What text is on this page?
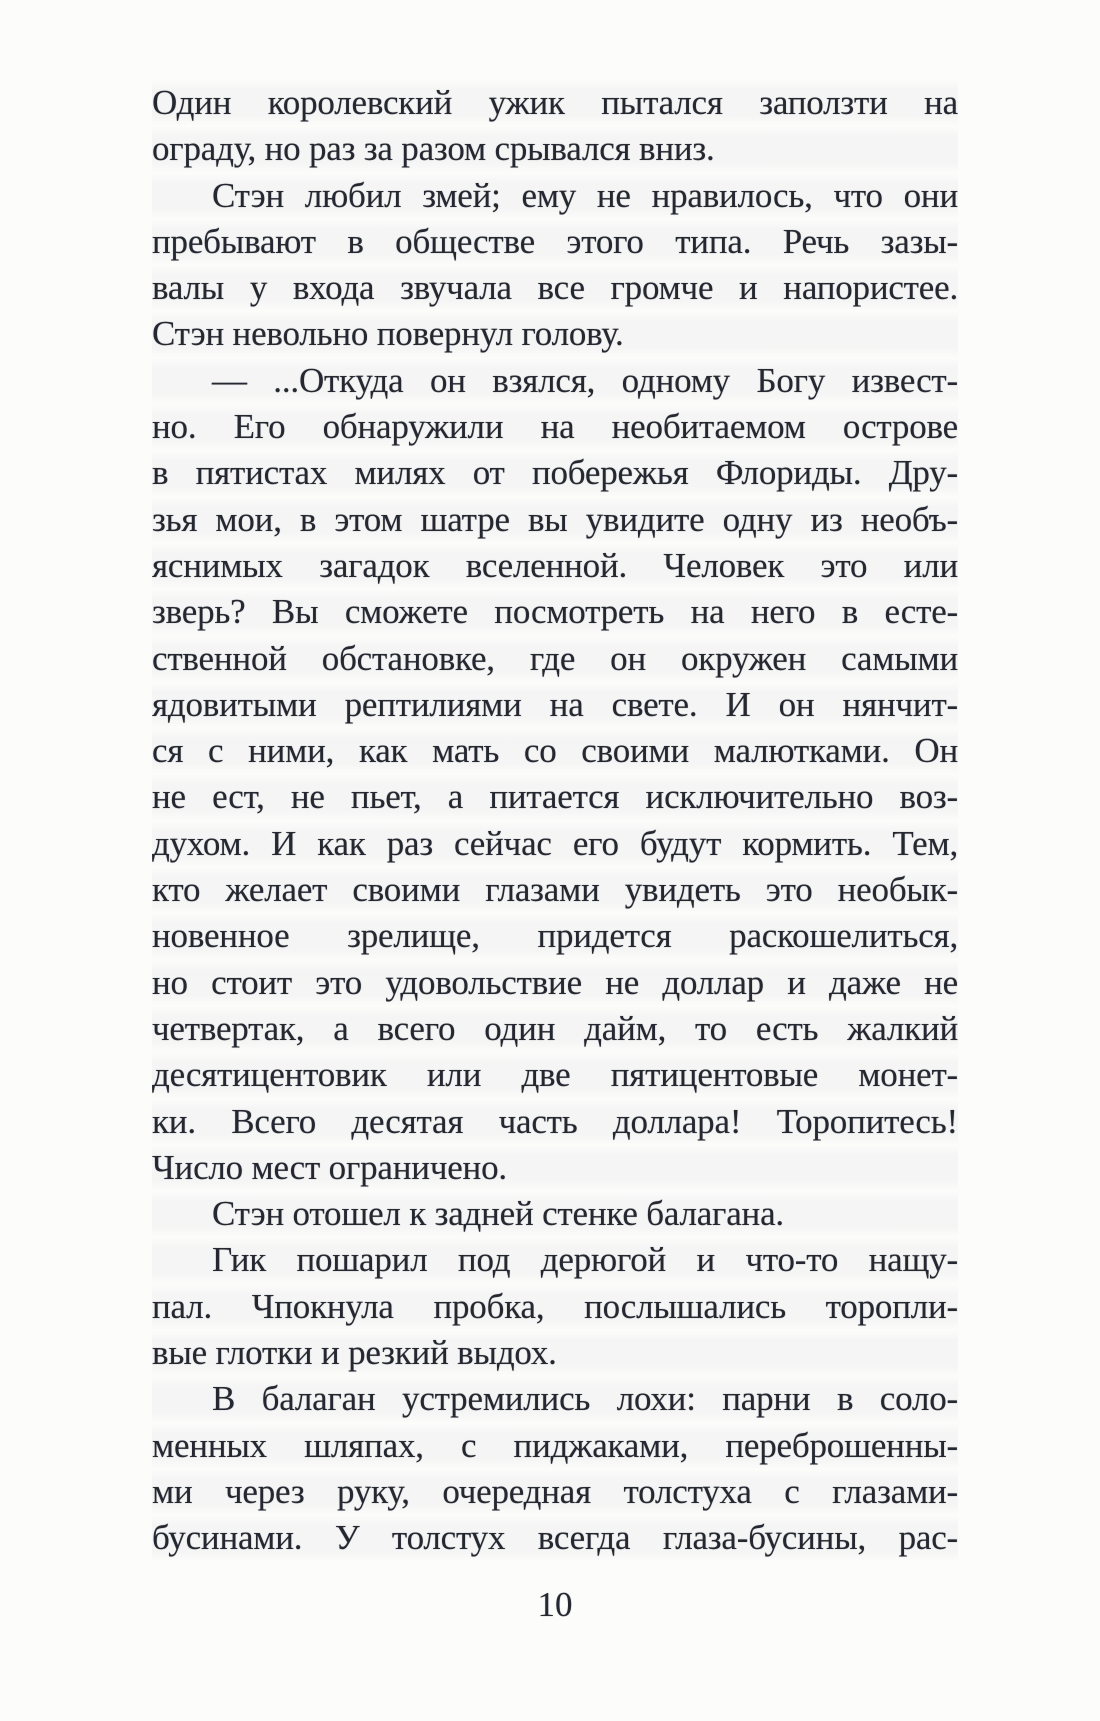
Один королевский ужик пытался заползти на
ограду, но раз за разом срывался вниз.
Стэн любил змей; ему не нравилось, что они
пребывают в обществе этого типа. Речь зазы-
валы у входа звучала все громче и напористее.
Стэн невольно повернул голову.
— ...Откуда он взялся, одному Богу извест-
но. Его обнаружили на необитаемом острове
в пятистах милях от побережья Флориды. Дру-
зья мои, в этом шатре вы увидите одну из необъ-
яснимых загадок вселенной. Человек это или
зверь? Вы сможете посмотреть на него в есте-
ственной обстановке, где он окружен самыми
ядовитыми рептилиями на свете. И он нянчит-
ся с ними, как мать со своими малютками. Он
не ест, не пьет, а питается исключительно воз-
духом. И как раз сейчас его будут кормить. Тем,
кто желает своими глазами увидеть это необык-
новенное зрелище, придется раскошелиться,
но стоит это удовольствие не доллар и даже не
четвертак, а всего один дайм, то есть жалкий
десятицентовик или две пятицентовые монет-
ки. Всего десятая часть доллара! Торопитесь!
Число мест ограничено.
Стэн отошел к задней стенке балагана.
Гик пошарил под дерюгой и что-то нащу-
пал. Чпокнула пробка, послышались торопли-
вые глотки и резкий выдох.
В балаган устремились лохи: парни в соло-
менных шляпах, с пиджаками, переброшенны-
ми через руку, очередная толстуха с глазами-
бусинами. У толстух всегда глаза-бусины, рас-
10
